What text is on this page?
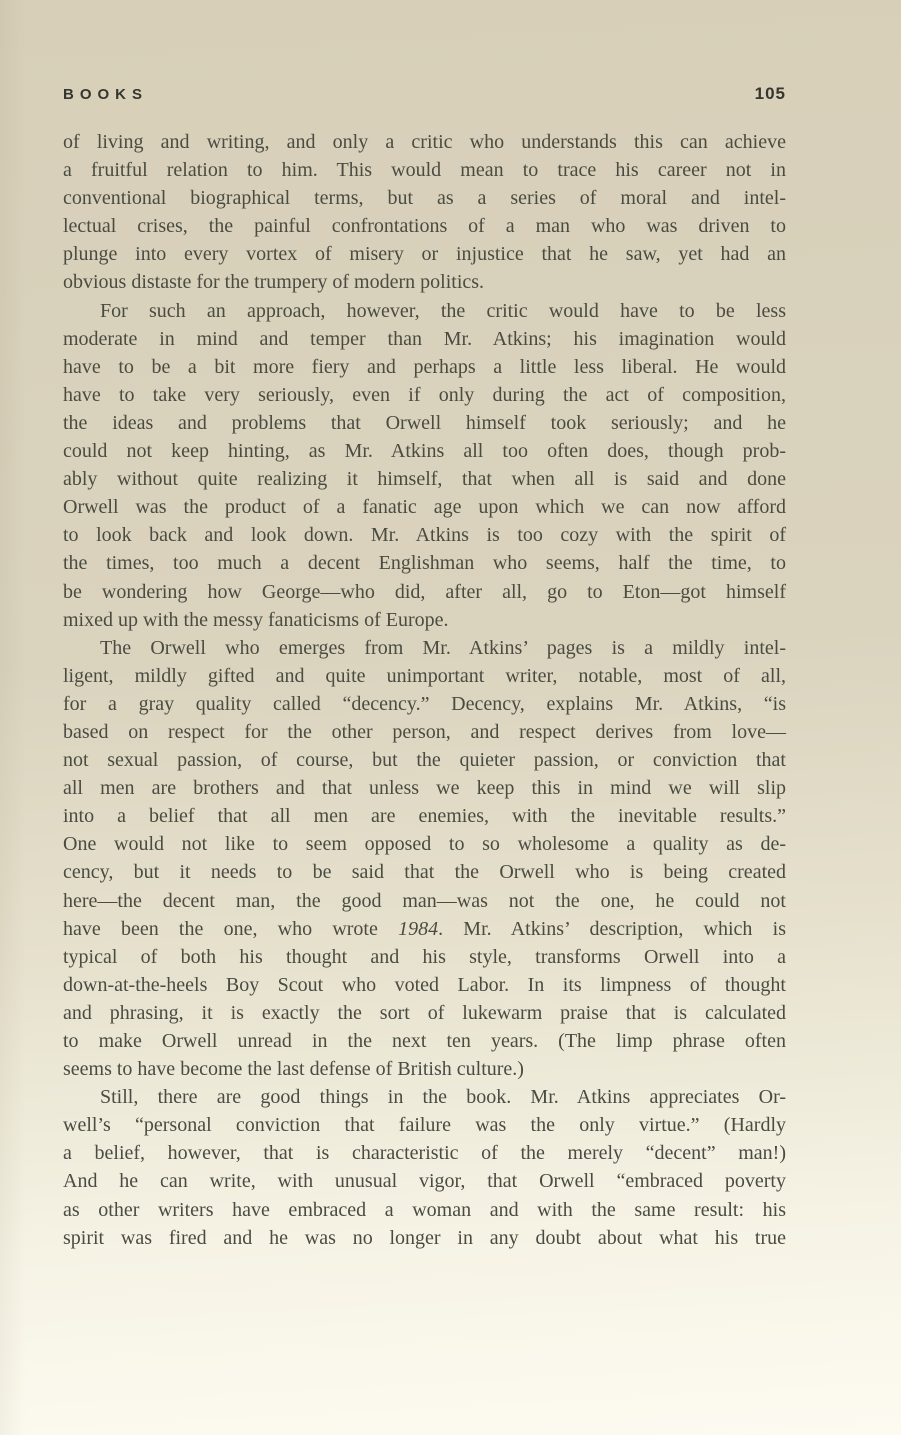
BOOKS	105
of living and writing, and only a critic who understands this can achieve
a fruitful relation to him. This would mean to trace his career not in
conventional biographical terms, but as a series of moral and intel-
lectual crises, the painful confrontations of a man who was driven to
plunge into every vortex of misery or injustice that he saw, yet had an
obvious distaste for the trumpery of modern politics.
For such an approach, however, the critic would have to be less
moderate in mind and temper than Mr. Atkins; his imagination would
have to be a bit more fiery and perhaps a little less liberal. He would
have to take very seriously, even if only during the act of composition,
the ideas and problems that Orwell himself took seriously; and he
could not keep hinting, as Mr. Atkins all too often does, though prob-
ably without quite realizing it himself, that when all is said and done
Orwell was the product of a fanatic age upon which we can now afford
to look back and look down. Mr. Atkins is too cozy with the spirit of
the times, too much a decent Englishman who seems, half the time, to
be wondering how George—who did, after all, go to Eton—got himself
mixed up with the messy fanaticisms of Europe.
The Orwell who emerges from Mr. Atkins’ pages is a mildly intel-
ligent, mildly gifted and quite unimportant writer, notable, most of all,
for a gray quality called “decency.” Decency, explains Mr. Atkins, “is
based on respect for the other person, and respect derives from love—
not sexual passion, of course, but the quieter passion, or conviction that
all men are brothers and that unless we keep this in mind we will slip
into a belief that all men are enemies, with the inevitable results.”
One would not like to seem opposed to so wholesome a quality as de-
cency, but it needs to be said that the Orwell who is being created
here—the decent man, the good man—was not the one, he could not
have been the one, who wrote 1984. Mr. Atkins’ description, which is
typical of both his thought and his style, transforms Orwell into a
down-at-the-heels Boy Scout who voted Labor. In its limpness of thought
and phrasing, it is exactly the sort of lukewarm praise that is calculated
to make Orwell unread in the next ten years. (The limp phrase often
seems to have become the last defense of British culture.)
Still, there are good things in the book. Mr. Atkins appreciates Or-
well’s “personal conviction that failure was the only virtue.” (Hardly
a belief, however, that is characteristic of the merely “decent” man!)
And he can write, with unusual vigor, that Orwell “embraced poverty
as other writers have embraced a woman and with the same result: his
spirit was fired and he was no longer in any doubt about what his true
